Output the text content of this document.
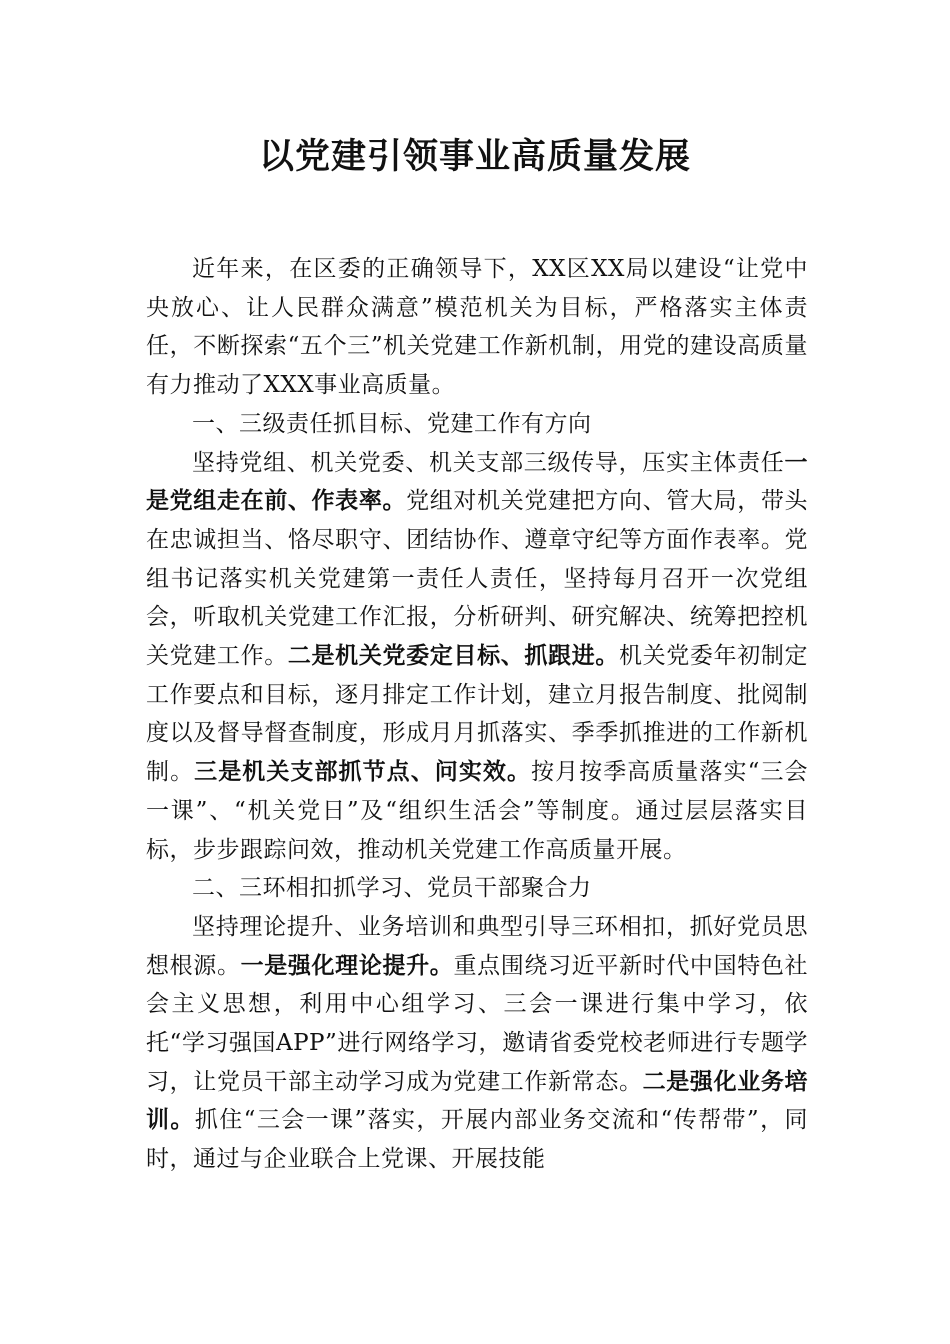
以党建引领事业高质量发展

近年来，在区委的正确领导下，XX区XX局以建设“让党中央放心、让人民群众满意”模范机关为目标，严格落实主体责任，不断探索“五个三”机关党建工作新机制，用党的建设高质量有力推动了XXX事业高质量。

一、三级责任抓目标、党建工作有方向

坚持党组、机关党委、机关支部三级传导，压实主体责任一是党组走在前、作表率。党组对机关党建把方向、管大局，带头在忠诚担当、恪尽职守、团结协作、遵章守纪等方面作表率。党组书记落实机关党建第一责任人责任，坚持每月召开一次党组会，听取机关党建工作汇报，分析研判、研究解决、统筹把控机关党建工作。二是机关党委定目标、抓跟进。机关党委年初制定工作要点和目标，逐月排定工作计划，建立月报告制度、批阅制度以及督导督查制度，形成月月抓落实、季季抓推进的工作新机制。三是机关支部抓节点、问实效。按月按季高质量落实“三会一课”、“机关党日”及“组织生活会”等制度。通过层层落实目标，步步跟踪问效，推动机关党建工作高质量开展。

二、三环相扣抓学习、党员干部聚合力

坚持理论提升、业务培训和典型引导三环相扣，抓好党员思想根源。一是强化理论提升。重点围绕习近平新时代中国特色社会主义思想，利用中心组学习、三会一课进行集中学习，依托“学习强国APP”进行网络学习，邀请省委党校老师进行专题学习，让党员干部主动学习成为党建工作新常态。二是强化业务培训。抓住“三会一课”落实，开展内部业务交流和“传帮带”，同时，通过与企业联合上党课、开展技能
